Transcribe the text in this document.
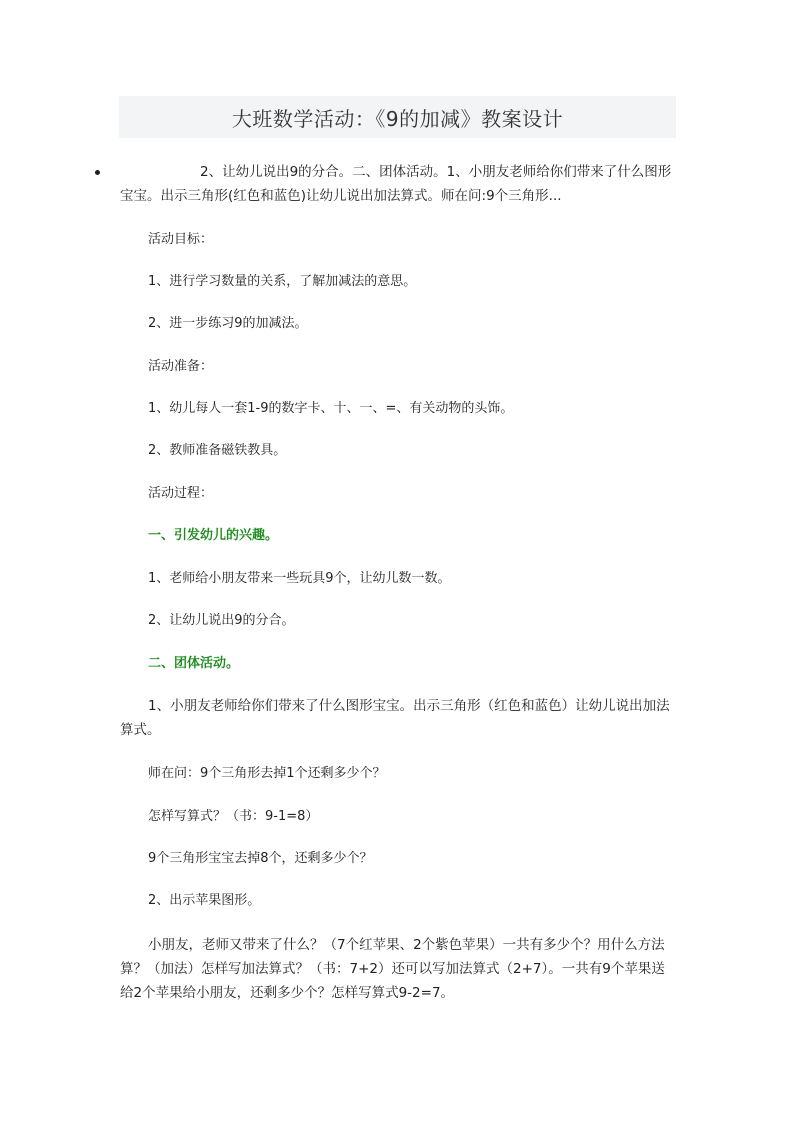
大班数学活动：《9的加减》教案设计
2、让幼儿说出9的分合。二、团体活动。1、小朋友老师给你们带来了什么图形宝宝。出示三角形(红色和蓝色)让幼儿说出加法算式。师在问:9个三角形...
活动目标：
1、进行学习数量的关系，了解加减法的意思。
2、进一步练习9的加减法。
活动准备：
1、幼儿每人一套1-9的数字卡、十、一、=、有关动物的头饰。
2、教师准备磁铁教具。
活动过程：
一、引发幼儿的兴趣。
1、老师给小朋友带来一些玩具9个，让幼儿数一数。
2、让幼儿说出9的分合。
二、团体活动。
1、小朋友老师给你们带来了什么图形宝宝。出示三角形（红色和蓝色）让幼儿说出加法算式。
师在问：9个三角形去掉1个还剩多少个？
怎样写算式？（书：9-1=8）
9个三角形宝宝去掉8个，还剩多少个？
2、出示苹果图形。
小朋友，老师又带来了什么？（7个红苹果、2个紫色苹果）一共有多少个？用什么方法算？（加法）怎样写加法算式？（书：7+2）还可以写加法算式（2+7）。一共有9个苹果送给2个苹果给小朋友，还剩多少个？怎样写算式9-2=7。
